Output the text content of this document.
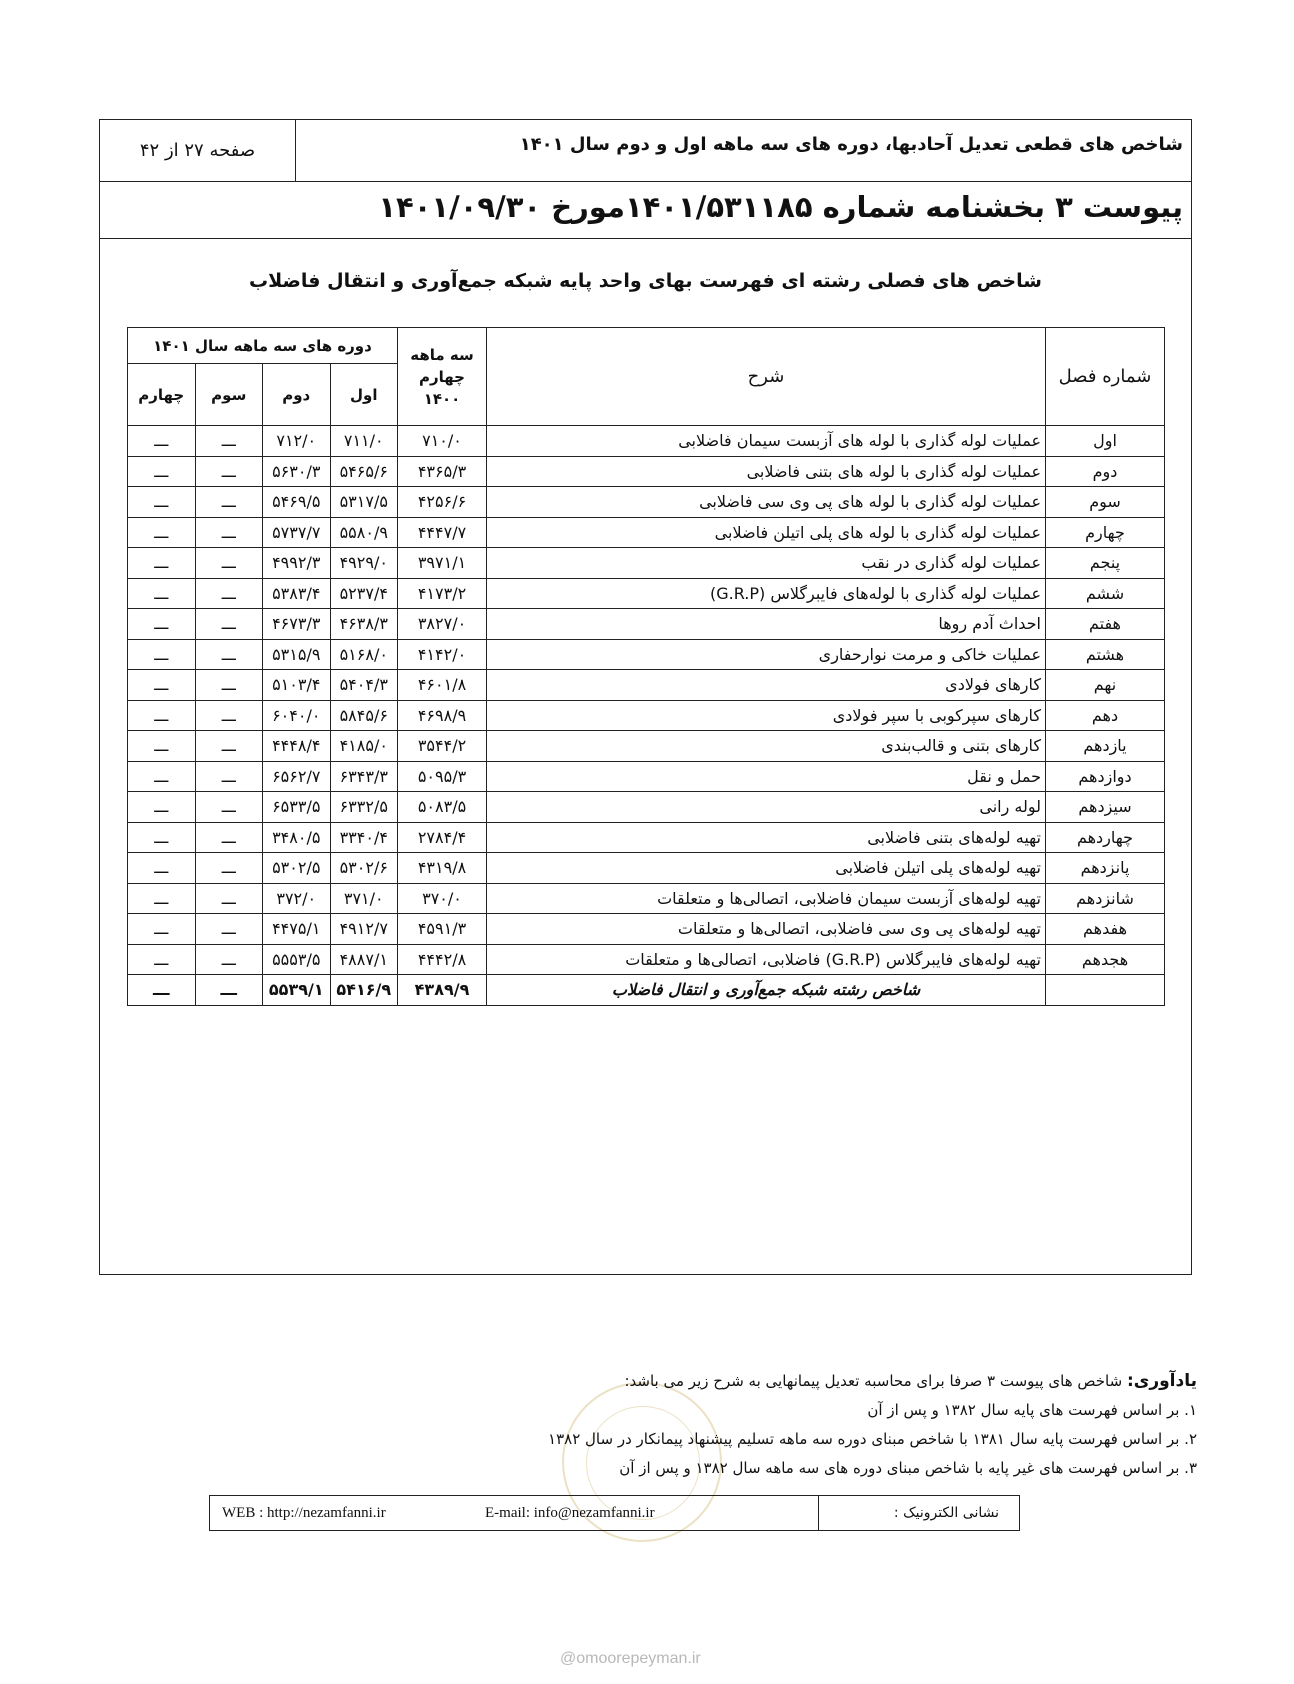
شاخص های قطعی تعدیل آحادبها، دوره های سه ماهه اول و دوم سال ۱۴۰۱
صفحه ۲۷ از ۴۲
پیوست ۳ بخشنامه شماره ۱۴۰۱/۵۳۱۱۸۵مورخ ۱۴۰۱/۰۹/۳۰
شاخص های فصلی رشته ای فهرست بهای واحد پایه شبکه جمع‌آوری و انتقال فاضلاب
شماره فصل	شرح	سه ماهه چهارم ۱۴۰۰	دوره های سه ماهه سال ۱۴۰۱			
			اول	دوم	سوم	چهارم
اول	عملیات لوله گذاری با لوله های آزبست سیمان فاضلابی	۷۱۰/۰	۷۱۱/۰	۷۱۲/۰	ـــ	ـــ
دوم	عملیات لوله گذاری با لوله های بتنی فاضلابی	۴۳۶۵/۳	۵۴۶۵/۶	۵۶۳۰/۳	ـــ	ـــ
سوم	عملیات لوله گذاری با لوله های پی وی سی فاضلابی	۴۲۵۶/۶	۵۳۱۷/۵	۵۴۶۹/۵	ـــ	ـــ
چهارم	عملیات لوله گذاری با لوله های پلی اتیلن فاضلابی	۴۴۴۷/۷	۵۵۸۰/۹	۵۷۳۷/۷	ـــ	ـــ
پنجم	عملیات لوله گذاری در نقب	۳۹۷۱/۱	۴۹۲۹/۰	۴۹۹۲/۳	ـــ	ـــ
ششم	عملیات لوله گذاری با لوله‌های فایبرگلاس (G.R.P)	۴۱۷۳/۲	۵۲۳۷/۴	۵۳۸۳/۴	ـــ	ـــ
هفتم	احداث آدم روها	۳۸۲۷/۰	۴۶۳۸/۳	۴۶۷۳/۳	ـــ	ـــ
هشتم	عملیات خاکی و مرمت نوارحفاری	۴۱۴۲/۰	۵۱۶۸/۰	۵۳۱۵/۹	ـــ	ـــ
نهم	کارهای فولادی	۴۶۰۱/۸	۵۴۰۴/۳	۵۱۰۳/۴	ـــ	ـــ
دهم	کارهای سپرکوبی با سپر فولادی	۴۶۹۸/۹	۵۸۴۵/۶	۶۰۴۰/۰	ـــ	ـــ
یازدهم	کارهای بتنی و قالب‌بندی	۳۵۴۴/۲	۴۱۸۵/۰	۴۴۴۸/۴	ـــ	ـــ
دوازدهم	حمل و نقل	۵۰۹۵/۳	۶۳۴۳/۳	۶۵۶۲/۷	ـــ	ـــ
سیزدهم	لوله رانی	۵۰۸۳/۵	۶۳۳۲/۵	۶۵۳۳/۵	ـــ	ـــ
چهاردهم	تهیه لوله‌های بتنی فاضلابی	۲۷۸۴/۴	۳۳۴۰/۴	۳۴۸۰/۵	ـــ	ـــ
پانزدهم	تهیه لوله‌های پلی اتیلن فاضلابی	۴۳۱۹/۸	۵۳۰۲/۶	۵۳۰۲/۵	ـــ	ـــ
شانزدهم	تهیه لوله‌های آزبست سیمان فاضلابی، اتصالی‌ها و متعلقات	۳۷۰/۰	۳۷۱/۰	۳۷۲/۰	ـــ	ـــ
هفدهم	تهیه لوله‌های پی وی سی فاضلابی، اتصالی‌ها و متعلقات	۴۵۹۱/۳	۴۹۱۲/۷	۴۴۷۵/۱	ـــ	ـــ
هجدهم	تهیه لوله‌های فایبرگلاس (G.R.P) فاضلابی، اتصالی‌ها و متعلقات	۴۴۴۲/۸	۴۸۸۷/۱	۵۵۵۳/۵	ـــ	ـــ
	شاخص رشته شبکه جمع‌آوری و انتقال فاضلاب	۴۳۸۹/۹	۵۴۱۶/۹	۵۵۳۹/۱	ـــ	ـــ
یادآوری: شاخص های پیوست ۳ صرفا برای محاسبه تعدیل پیمانهایی به شرح زیر می باشد:
۱. بر اساس فهرست های پایه سال ۱۳۸۲ و پس از آن
۲. بر اساس فهرست پایه سال ۱۳۸۱ با شاخص مبنای دوره سه ماهه تسلیم پیشنهاد پیمانکار در سال ۱۳۸۲
۳. بر اساس فهرست های غیر پایه با شاخص مبنای دوره های سه ماهه سال ۱۳۸۲ و پس از آن
نشانی الکترونیک :
E-mail: info@nezamfanni.ir
WEB : http://nezamfanni.ir
@omoorepeyman.ir
